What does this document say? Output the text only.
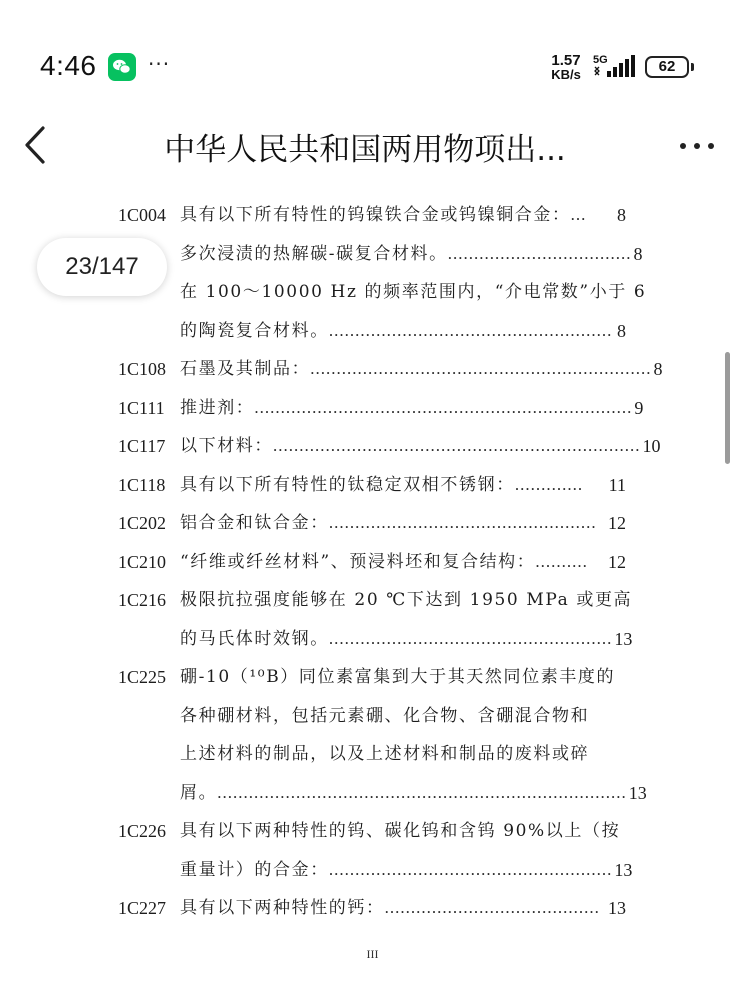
4:46	···	1.57
KB/s
5G	62
中华人民共和国两用物项出...
1C004 具有以下所有特性的钨镍铁合金或钨镍铜合金： ...	8
多次浸渍的热解碳-碳复合材料。 ................................... 8
在 100～10000 Hz 的频率范围内，“介电常数”小于 6
的陶瓷复合材料。 ...................................................... 8
1C108 石墨及其制品： ................................................................. 8
1C111 推进剂： ........................................................................ 9
1C117 以下材料： ...................................................................... 10
1C118 具有以下所有特性的钛稳定双相不锈钢： .............	11
1C202 铝合金和钛合金： ................................................... 12
1C210 “纤维或纤丝材料”、预浸料坯和复合结构： ..........	12
1C216 极限抗拉强度能够在 20 ℃下达到 1950 MPa 或更高
的马氏体时效钢。 ...................................................... 13
1C225 硼-10（¹⁰B）同位素富集到大于其天然同位素丰度的
各种硼材料，包括元素硼、化合物、含硼混合物和
上述材料的制品，以及上述材料和制品的废料或碎
屑。 .............................................................................. 13
1C226 具有以下两种特性的钨、碳化钨和含钨 90%以上（按
重量计）的合金： ...................................................... 13
1C227 具有以下两种特性的钙： ......................................... 13
III
23/147
